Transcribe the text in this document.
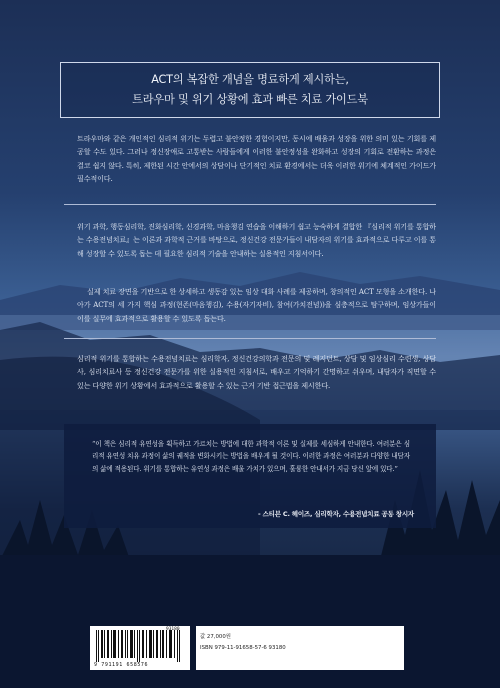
ACT의 복잡한 개념을 명료하게 제시하는,
트라우마 및 위기 상황에 효과 빠른 치료 가이드북

트라우마와 같은 개인적인 심리적 위기는 두렵고 불안정한 경험이지만, 동시에 배움과 성장을 위한 의미 있는 기회를 제공할 수도 있다. 그러나 정신장애로 고통받는 사람들에게 이러한 불안정성을 완화하고 성장의 기회로 전환하는 과정은 결코 쉽지 않다. 특히, 제한된 시간 안에서의 상담이나 단기적인 치료 환경에서는 더욱 이러한 위기에 체계적인 가이드가 필수적이다.

위기 과학, 행동심리학, 진화심리학, 신경과학, 마음챙김 연습을 이해하기 쉽고 능숙하게 결합한 『심리적 위기를 통합하는 수용전념치료』는 이론과 과학적 근거를 바탕으로, 정신건강 전문가들이 내담자의 위기를 효과적으로 다루고 이를 통해 성장할 수 있도록 돕는 데 필요한 심리적 기술을 안내하는 실용적인 지침서이다.

실제 치료 장면을 기반으로 한 상세하고 생동감 있는 임상 대화 사례를 제공하며, 창의적인 ACT 모형을 소개한다. 나아가 ACT의 세 가지 핵심 과정(현존(마음챙김), 수용(자기자비), 참여(가치전념))을 심층적으로 탐구하며, 임상가들이 이를 실무에 효과적으로 활용할 수 있도록 돕는다.

심리적 위기를 통합하는 수용전념치료는 심리학자, 정신건강의학과 전문의 및 레지던트, 상담 및 임상심리 수련생, 상담사, 심리치료사 등 정신건강 전문가를 위한 실용적인 지침서로, 배우고 기억하기 간명하고 쉬우며, 내담자가 직면할 수 있는 다양한 위기 상황에서 효과적으로 활용할 수 있는 근거 기반 접근법을 제시한다.

“이 책은 심리적 유연성을 획득하고 가르치는 방법에 대한 과학적 이론 및 실제를 세심하게 안내한다. 여러분은 심리적 유연성 치유 과정이 삶의 궤적을 변화시키는 방법을 배우게 될 것이다. 이러한 과정은 여러분과 다양한 내담자의 삶에 적용된다. 위기를 통합하는 유연성 과정은 배울 가치가 있으며, 훌륭한 안내서가 지금 당신 앞에 있다.”

- 스티븐 C. 헤이즈, 심리학자, 수용전념치료 공동 창시자
9 791191 658576
93180
값 27,000원
ISBN 979-11-91658-57-6 93180
